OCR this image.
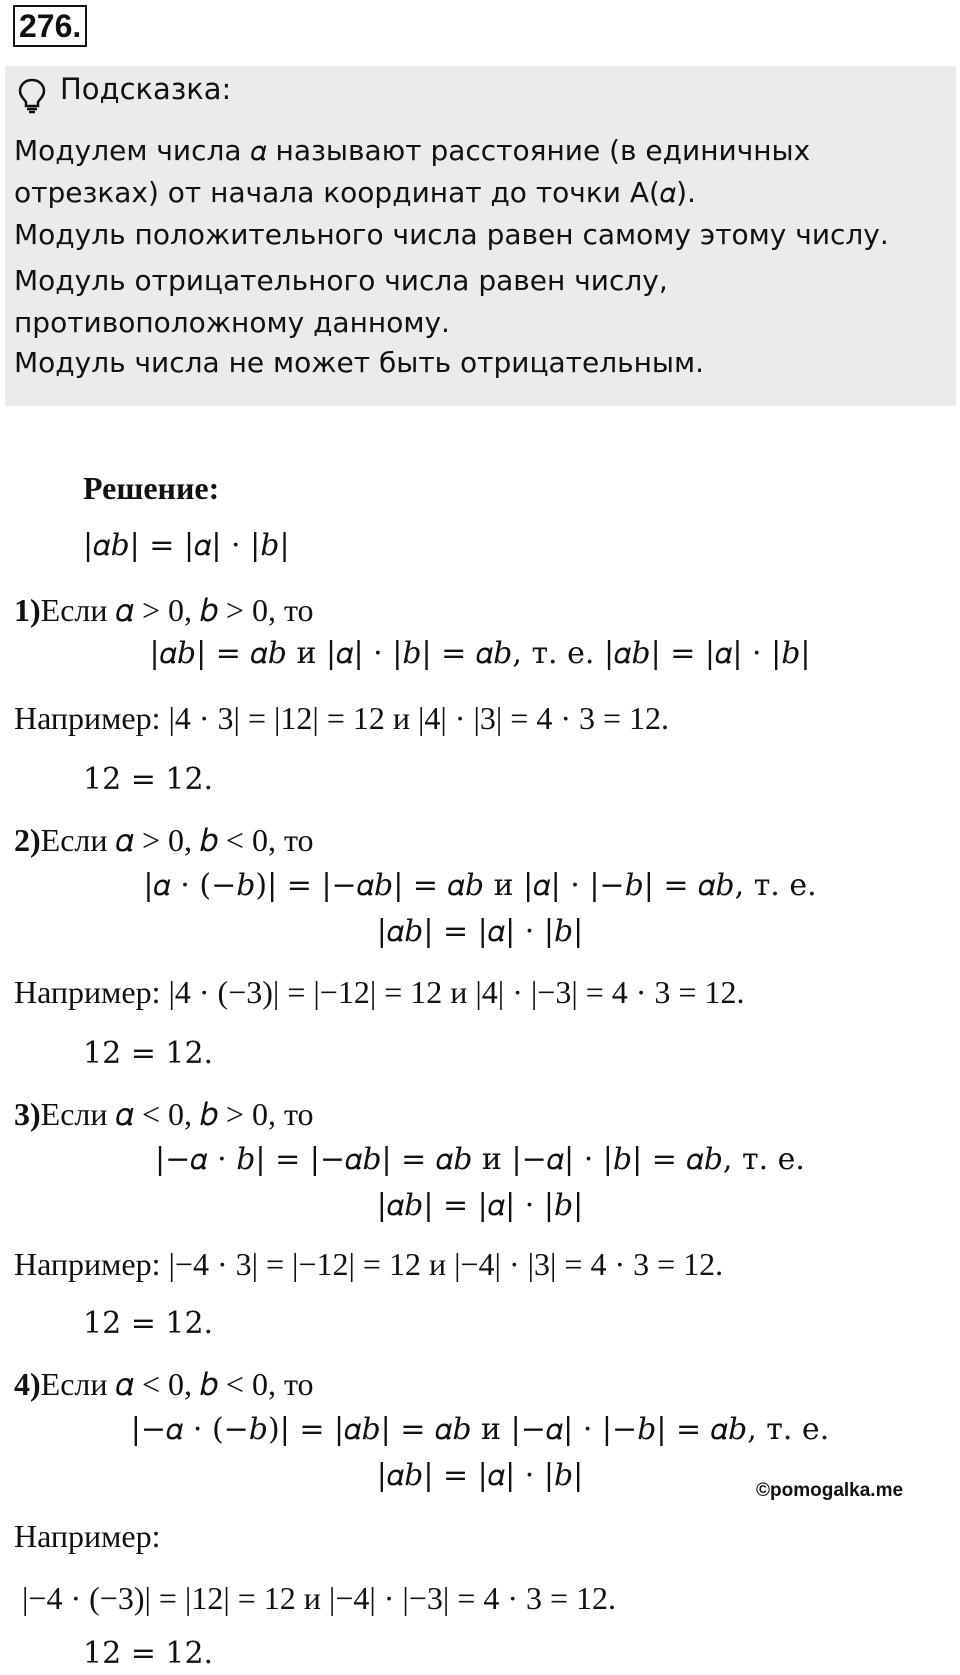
276.
Подсказка:
Модулем числа 𝛼 называют расстояние (в единичных
отрезках) от начала координат до точки A(𝛼).
Модуль положительного числа равен самому этому числу.
Модуль отрицательного числа равен числу,
противоположному данному.
Модуль числа не может быть отрицательным.
Решение:
|𝛼𝑏| = |𝛼| · |𝑏|
1)Если 𝛼 > 0, 𝑏 > 0, то
|𝛼𝑏| = 𝛼𝑏 и |𝛼| · |𝑏| = 𝛼𝑏, т. е. |𝛼𝑏| = |𝛼| · |𝑏|
Например: |4 · 3| = |12| = 12 и |4| · |3| = 4 · 3 = 12.
12 = 12.
2)Если 𝛼 > 0, 𝑏 < 0, то
|𝛼 · (−𝑏)| = |−𝛼𝑏| = 𝛼𝑏 и |𝛼| · |−𝑏| = 𝛼𝑏, т. е.
|𝛼𝑏| = |𝛼| · |𝑏|
Например: |4 · (−3)| = |−12| = 12 и |4| · |−3| = 4 · 3 = 12.
12 = 12.
3)Если 𝛼 < 0, 𝑏 > 0, то
|−𝛼 · 𝑏| = |−𝛼𝑏| = 𝛼𝑏 и |−𝛼| · |𝑏| = 𝛼𝑏, т. е.
|𝛼𝑏| = |𝛼| · |𝑏|
Например: |−4 · 3| = |−12| = 12 и |−4| · |3| = 4 · 3 = 12.
12 = 12.
4)Если 𝛼 < 0, 𝑏 < 0, то
|−𝛼 · (−𝑏)| = |𝛼𝑏| = 𝛼𝑏 и |−𝛼| · |−𝑏| = 𝛼𝑏, т. е.
|𝛼𝑏| = |𝛼| · |𝑏|	©pomogalka.me
Например:
|−4 · (−3)| = |12| = 12 и |−4| · |−3| = 4 · 3 = 12.
12 = 12.
